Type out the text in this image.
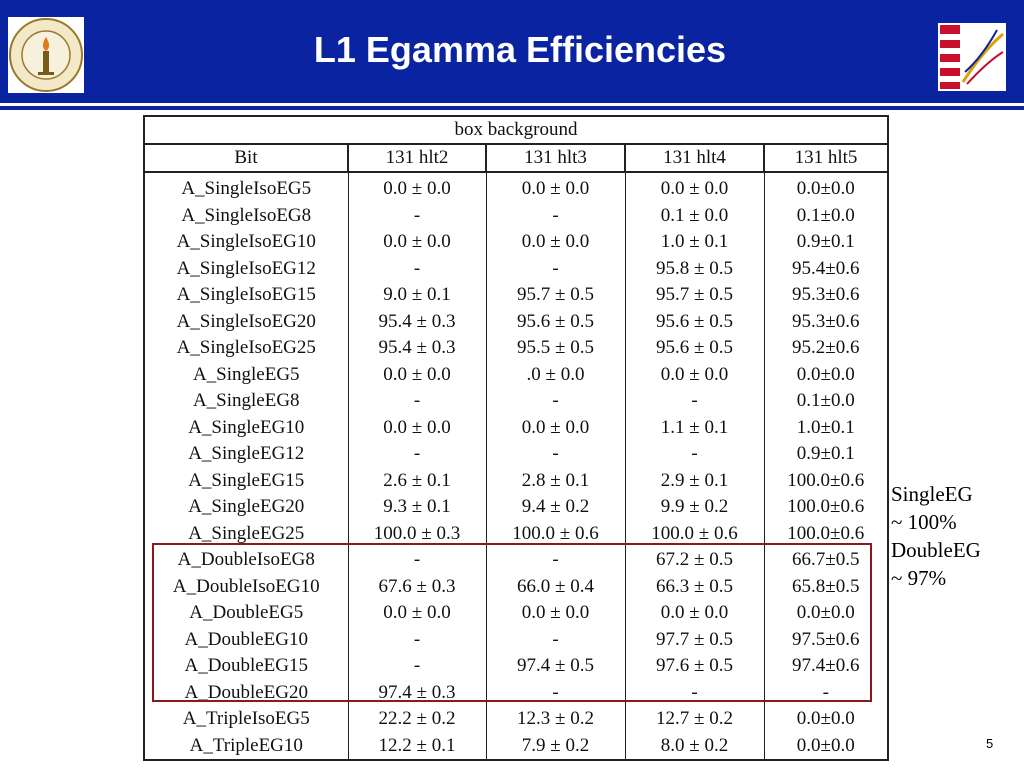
L1 Egamma Efficiencies
box background				
Bit	131 hlt2	131 hlt3	131 hlt4	131 hlt5
A_SingleIsoEG5	0.0 ± 0.0	0.0 ± 0.0	0.0 ± 0.0	0.0±0.0
A_SingleIsoEG8	-	-	0.1 ± 0.0	0.1±0.0
A_SingleIsoEG10	0.0 ± 0.0	0.0 ± 0.0	1.0 ± 0.1	0.9±0.1
A_SingleIsoEG12	-	-	95.8 ± 0.5	95.4±0.6
A_SingleIsoEG15	9.0 ± 0.1	95.7 ± 0.5	95.7 ± 0.5	95.3±0.6
A_SingleIsoEG20	95.4 ± 0.3	95.6 ± 0.5	95.6 ± 0.5	95.3±0.6
A_SingleIsoEG25	95.4 ± 0.3	95.5 ± 0.5	95.6 ± 0.5	95.2±0.6
A_SingleEG5	0.0 ± 0.0	.0 ± 0.0	0.0 ± 0.0	0.0±0.0
A_SingleEG8	-	-	-	0.1±0.0
A_SingleEG10	0.0 ± 0.0	0.0 ± 0.0	1.1 ± 0.1	1.0±0.1
A_SingleEG12	-	-	-	0.9±0.1
A_SingleEG15	2.6 ± 0.1	2.8 ± 0.1	2.9 ± 0.1	100.0±0.6
A_SingleEG20	9.3 ± 0.1	9.4 ± 0.2	9.9 ± 0.2	100.0±0.6
A_SingleEG25	100.0 ± 0.3	100.0 ± 0.6	100.0 ± 0.6	100.0±0.6
A_DoubleIsoEG8	-	-	67.2 ± 0.5	66.7±0.5
A_DoubleIsoEG10	67.6 ± 0.3	66.0 ± 0.4	66.3 ± 0.5	65.8±0.5
A_DoubleEG5	0.0 ± 0.0	0.0 ± 0.0	0.0 ± 0.0	0.0±0.0
A_DoubleEG10	-	-	97.7 ± 0.5	97.5±0.6
A_DoubleEG15	-	97.4 ± 0.5	97.6 ± 0.5	97.4±0.6
A_DoubleEG20	97.4 ± 0.3	-	-	-
A_TripleIsoEG5	22.2 ± 0.2	12.3 ± 0.2	12.7 ± 0.2	0.0±0.0
A_TripleEG10	12.2 ± 0.1	7.9 ± 0.2	8.0 ± 0.2	0.0±0.0
SingleEG
~ 100%
DoubleEG
~ 97%
5
